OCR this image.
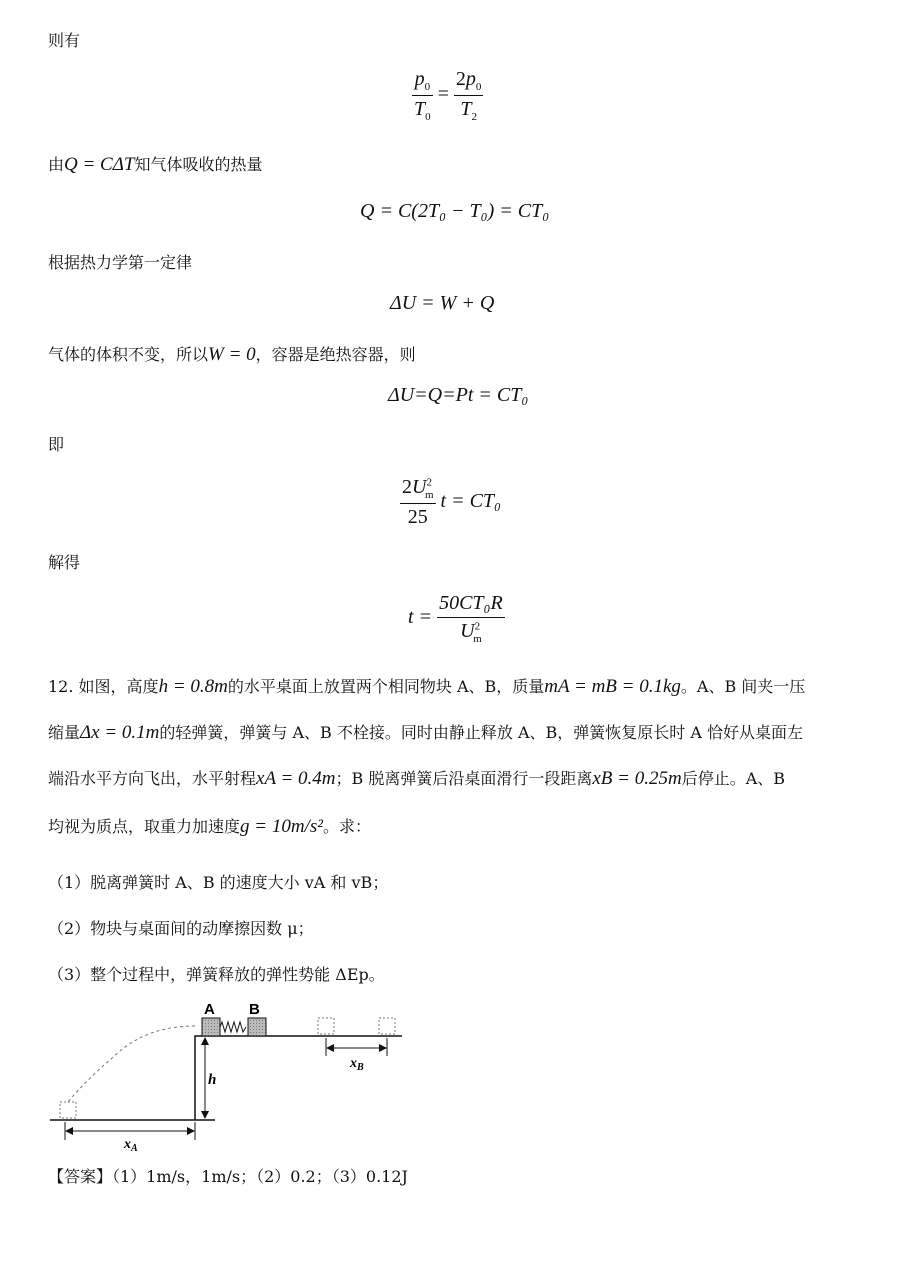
则有
$\frac{p_0}{T_0} = \frac{2p_0}{T_2}$
由Q = CΔT知气体吸收的热量
Q = C(2T₀ − T₀) = CT₀
根据热力学第一定律
ΔU = W + Q
气体的体积不变，所以W = 0，容器是绝热容器，则
ΔU=Q=Pt = CT₀
即
$\frac{2U^2_m}{25}$ t = CT₀
解得
$t = \frac{\text{50CT₀R}}{U^2_m}$
12. 如图，高度h = 0.8m的水平桌面上放置两个相同物块 A、B，质量mA = mB = 0.1kg。A、B 间夹一压
缩量Δx = 0.1m的轻弹簧，弹簧与 A、B 不栓接。同时由静止释放 A、B，弹簧恢复原长时 A 恰好从桌面左
端沿水平方向飞出，水平射程xA = 0.4m；B 脱离弹簧后沿桌面滑行一段距离xB = 0.25m后停止。A、B
均视为质点，取重力加速度g = 10m/s²。求：
（1）脱离弹簧时 A、B 的速度大小 vA 和 vB；
（2）物块与桌面间的动摩擦因数 μ；
（3）整个过程中，弹簧释放的弹性势能 ΔEp。
A B
$x_B$
h
$x_A$
【答案】（1）1m/s，1m/s；（2）0.2；（3）0.12J
